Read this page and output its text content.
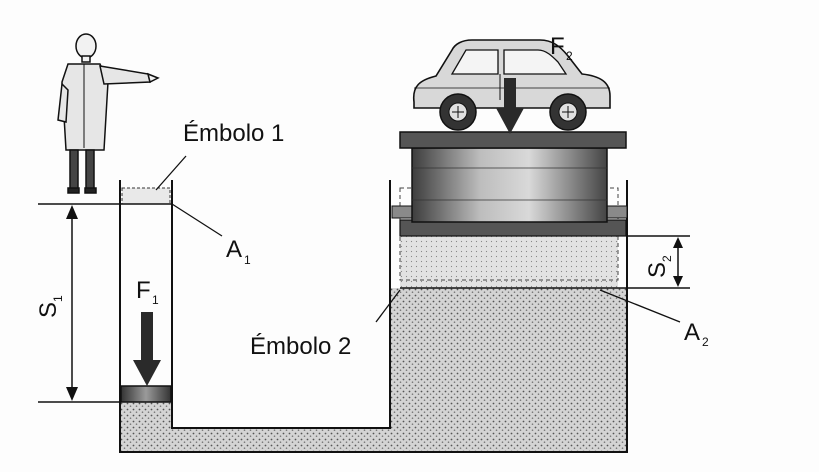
Émbolo 1
Émbolo 2
A 1
A 2
F 1
F 2
S
1
S
2
